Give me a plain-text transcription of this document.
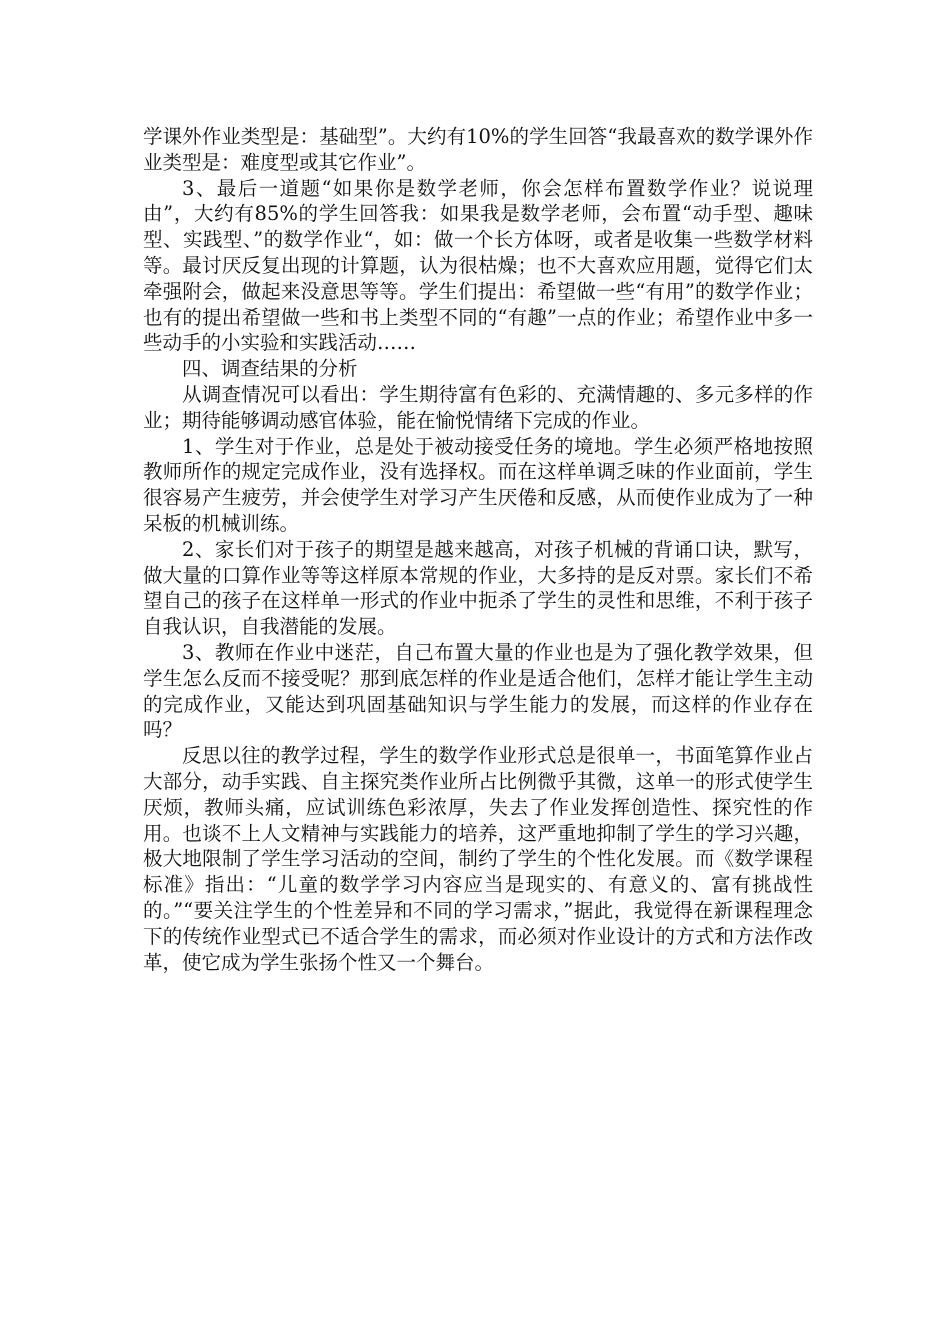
学课外作业类型是：基础型”。大约有10%的学生回答“我最喜欢的数学课外作业类型是：难度型或其它作业”。

3、最后一道题“如果你是数学老师，你会怎样布置数学作业？说说理由”，大约有85%的学生回答我：如果我是数学老师，会布置“动手型、趣味型、实践型、”的数学作业“，如：做一个长方体呀，或者是收集一些数学材料等。最讨厌反复出现的计算题，认为很枯燥；也不大喜欢应用题，觉得它们太牵强附会，做起来没意思等等。学生们提出：希望做一些“有用”的数学作业；也有的提出希望做一些和书上类型不同的“有趣”一点的作业；希望作业中多一些动手的小实验和实践活动……

四、调查结果的分析

从调查情况可以看出：学生期待富有色彩的、充满情趣的、多元多样的作业；期待能够调动感官体验，能在愉悦情绪下完成的作业。

1、学生对于作业，总是处于被动接受任务的境地。学生必须严格地按照教师所作的规定完成作业，没有选择权。而在这样单调乏味的作业面前，学生很容易产生疲劳，并会使学生对学习产生厌倦和反感，从而使作业成为了一种呆板的机械训练。

2、家长们对于孩子的期望是越来越高，对孩子机械的背诵口诀，默写，做大量的口算作业等等这样原本常规的作业，大多持的是反对票。家长们不希望自己的孩子在这样单一形式的作业中扼杀了学生的灵性和思维，不利于孩子自我认识，自我潜能的发展。

3、教师在作业中迷茫，自己布置大量的作业也是为了强化教学效果，但学生怎么反而不接受呢？那到底怎样的作业是适合他们，怎样才能让学生主动的完成作业，又能达到巩固基础知识与学生能力的发展，而这样的作业存在吗？

反思以往的教学过程，学生的数学作业形式总是很单一，书面笔算作业占大部分，动手实践、自主探究类作业所占比例微乎其微，这单一的形式使学生厌烦，教师头痛，应试训练色彩浓厚，失去了作业发挥创造性、探究性的作用。也谈不上人文精神与实践能力的培养，这严重地抑制了学生的学习兴趣，极大地限制了学生学习活动的空间，制约了学生的个性化发展。而《数学课程标准》指出：“儿童的数学学习内容应当是现实的、有意义的、富有挑战性的。”“要关注学生的个性差异和不同的学习需求，”据此，我觉得在新课程理念下的传统作业型式已不适合学生的需求，而必须对作业设计的方式和方法作改革，使它成为学生张扬个性又一个舞台。
